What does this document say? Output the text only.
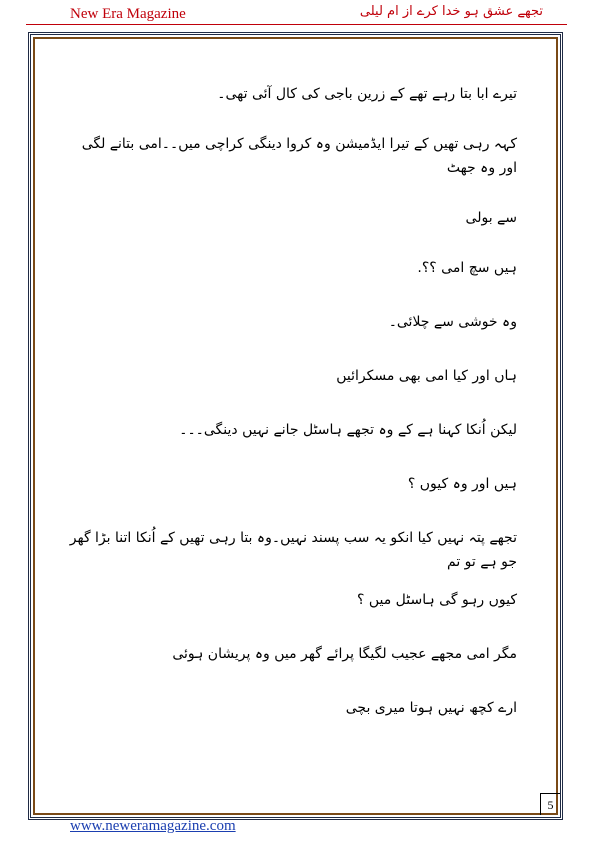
New Era Magazine	تجھے عشق ہو خدا کرے از ام لیلی

تیرے ابا بتا رہے تھے کے زرین باجی کی کال آئی تھی۔

کہہ رہی تھیں کے تیرا ایڈمیشن وہ کروا دینگی کراچی میں۔۔امی بتانے لگی اور وہ جھٹ

سے بولی

ہیں سچ امی ؟؟.

وہ خوشی سے چلائی۔

ہاں اور کیا امی بھی مسکرائیں

لیکن اُنکا کہنا ہے کے وہ تجھے ہاسٹل جانے نہیں دینگی۔۔۔

ہیں اور وہ کیوں ؟

تجھے پتہ نہیں کیا انکو یہ سب پسند نہیں۔وہ بتا رہی تھیں کے اُنکا اتنا بڑا گھر جو ہے تو تم

کیوں رہو گی ہاسٹل میں ؟

مگر امی مجھے عجیب لگیگا پرائے گھر میں وہ پریشان ہوئی

ارے کچھ نہیں ہوتا میری بچی

5
www.neweramagazine.com
